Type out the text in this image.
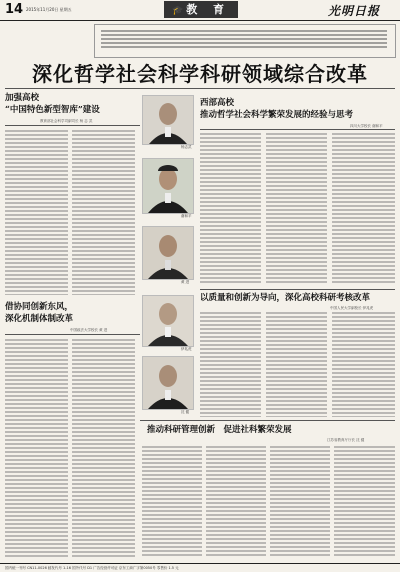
14 2015年11月20日 星期五	🎓 教 育	光明日报
深化哲学社会科学科研领域综合改革
加强高校
“中国特色新型智库”建设
教育部社会科学司副司长 杨 志 武
借协同创新东风，
深化机制体制改革
中国政法大学校长 黄 进
杨志武
谢和平
黄 进
伊兆虎
沈 健
西部高校
推动哲学社会科学繁荣发展的经验与思考
四川大学校长 谢和平
以质量和创新为导向，深化高校科研考核改革
中国人民大学副校长 伊兆虎
推动科研管理创新　促进社科繁荣发展
江苏省教育厅厅长 沈 健
国内统一刊号 CN11-0026 邮发代号 1-16 国外代号 D1 广告经营许可证 京东工商广字第0050号 零售价 1.5 元
